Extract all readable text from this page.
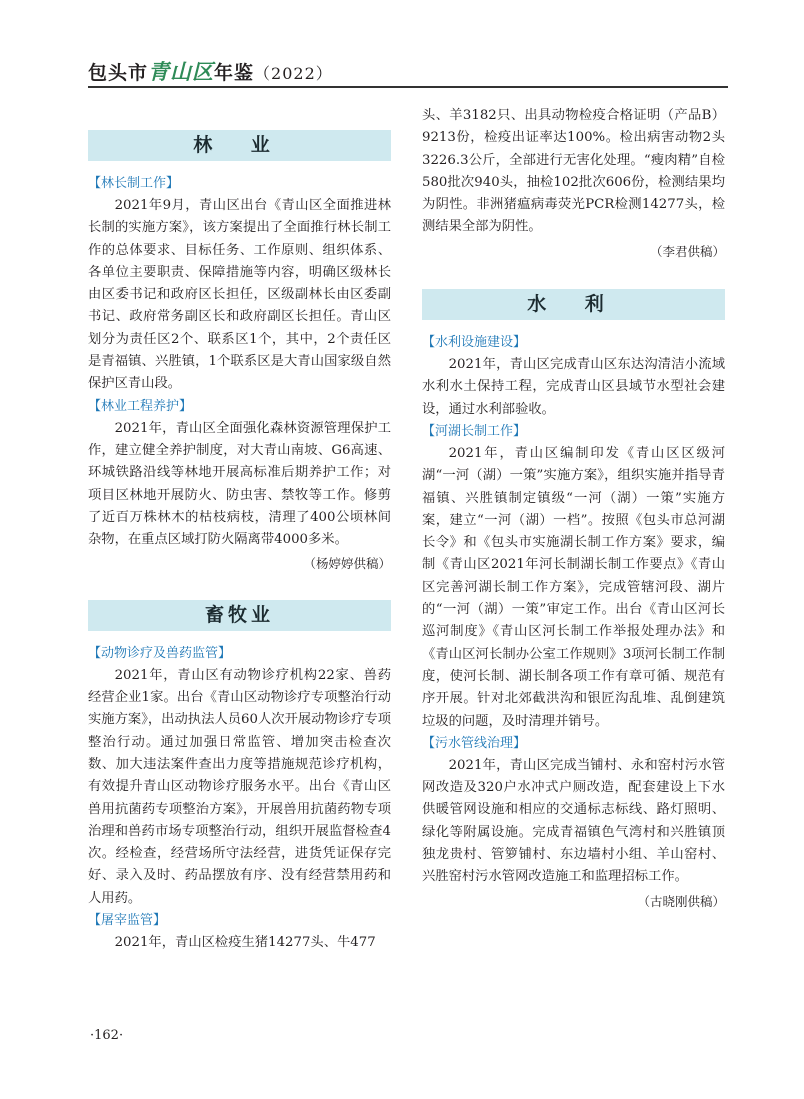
包头市青山区年鉴（2022）
林 业
【林长制工作】

2021年9月，青山区出台《青山区全面推进林长制的实施方案》，该方案提出了全面推行林长制工作的总体要求、目标任务、工作原则、组织体系、各单位主要职责、保障措施等内容，明确区级林长由区委书记和政府区长担任，区级副林长由区委副书记、政府常务副区长和政府副区长担任。青山区划分为责任区2个、联系区1个，其中，2个责任区是青福镇、兴胜镇，1个联系区是大青山国家级自然保护区青山段。

【林业工程养护】

2021年，青山区全面强化森林资源管理保护工作，建立健全养护制度，对大青山南坡、G6高速、环城铁路沿线等林地开展高标准后期养护工作；对项目区林地开展防火、防虫害、禁牧等工作。修剪了近百万株林木的枯枝病枝，清理了400公顷林间杂物，在重点区域打防火隔离带4000多米。

（杨婷婷供稿）
畜牧业
【动物诊疗及兽药监管】

2021年，青山区有动物诊疗机构22家、兽药经营企业1家。出台《青山区动物诊疗专项整治行动实施方案》，出动执法人员60人次开展动物诊疗专项整治行动。通过加强日常监管、增加突击检查次数、加大违法案件查出力度等措施规范诊疗机构，有效提升青山区动物诊疗服务水平。出台《青山区兽用抗菌药专项整治方案》，开展兽用抗菌药物专项治理和兽药市场专项整治行动，组织开展监督检查4次。经检查，经营场所守法经营，进货凭证保存完好、录入及时、药品摆放有序、没有经营禁用药和人用药。

【屠宰监管】

2021年，青山区检疫生猪14277头、牛477

头、羊3182只、出具动物检疫合格证明（产品B）9213份，检疫出证率达100%。检出病害动物2头3226.3公斤，全部进行无害化处理。“瘦肉精”自检580批次940头，抽检102批次606份，检测结果均为阴性。非洲猪瘟病毒荧光PCR检测14277头，检测结果全部为阴性。

（李君供稿）
水 利
【水利设施建设】

2021年，青山区完成青山区东达沟清洁小流域水利水土保持工程，完成青山区县域节水型社会建设，通过水利部验收。

【河湖长制工作】

2021年，青山区编制印发《青山区区级河湖“一河（湖）一策”实施方案》，组织实施并指导青福镇、兴胜镇制定镇级“一河（湖）一策”实施方案，建立“一河（湖）一档”。按照《包头市总河湖长令》和《包头市实施湖长制工作方案》要求，编制《青山区2021年河长制湖长制工作要点》《青山区完善河湖长制工作方案》，完成管辖河段、湖片的“一河（湖）一策”审定工作。出台《青山区河长巡河制度》《青山区河长制工作举报处理办法》和《青山区河长制办公室工作规则》3项河长制工作制度，使河长制、湖长制各项工作有章可循、规范有序开展。针对北郊截洪沟和银匠沟乱堆、乱倒建筑垃圾的问题，及时清理并销号。

【污水管线治理】

2021年，青山区完成当铺村、永和窑村污水管网改造及320户水冲式户厕改造，配套建设上下水供暖管网设施和相应的交通标志标线、路灯照明、绿化等附属设施。完成青福镇色气湾村和兴胜镇顶独龙贵村、管箩铺村、东边墙村小组、羊山窑村、兴胜窑村污水管网改造施工和监理招标工作。

（古晓刚供稿）
·162·
